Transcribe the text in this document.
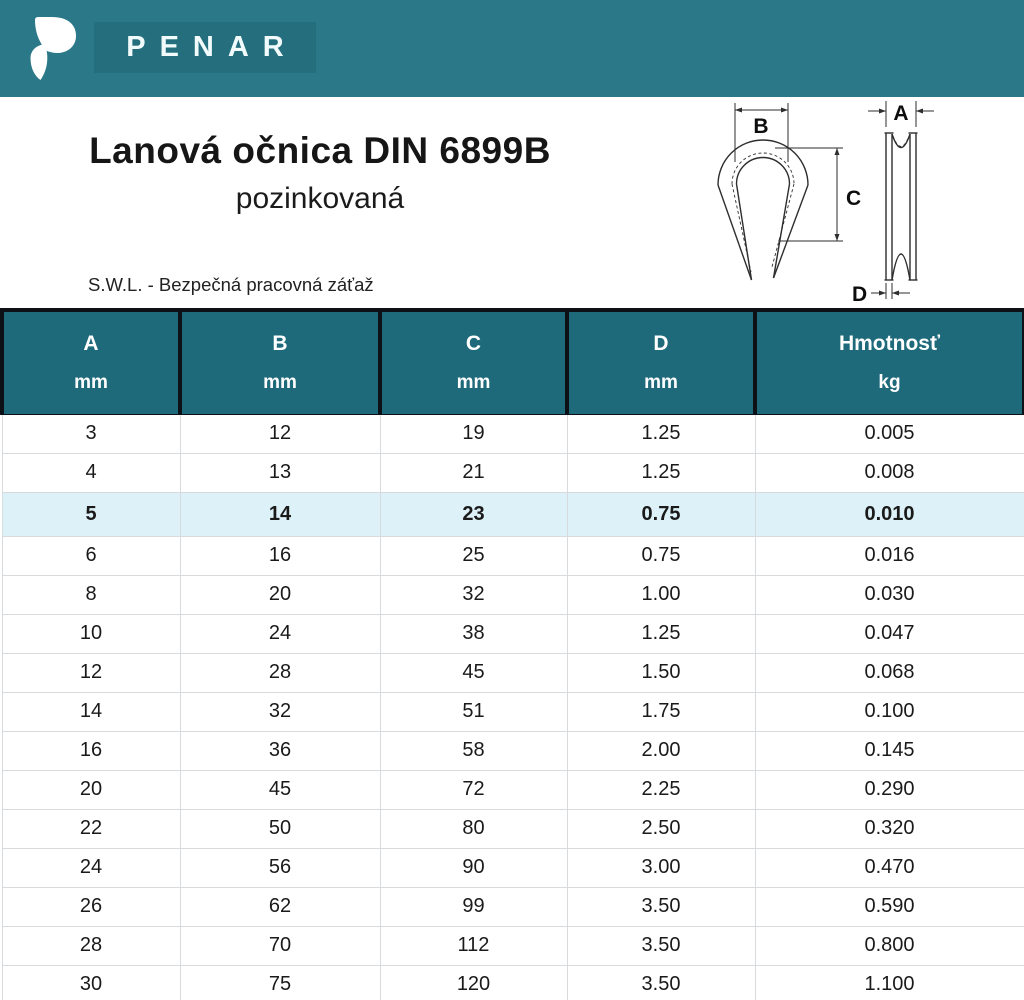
PENAR
Lanová očnica DIN 6899B
pozinkovaná
S.W.L. - Bezpečná pracovná záťaž
B
C
A
D
A
mm

B
mm

C
mm

D
mm

Hmotnosť
kg

3	12	19	1.25	0.005
4	13	21	1.25	0.008
5	14	23	0.75	0.010
6	16	25	0.75	0.016
8	20	32	1.00	0.030
10	24	38	1.25	0.047
12	28	45	1.50	0.068
14	32	51	1.75	0.100
16	36	58	2.00	0.145
20	45	72	2.25	0.290
22	50	80	2.50	0.320
24	56	90	3.00	0.470
26	62	99	3.50	0.590
28	70	112	3.50	0.800
30	75	120	3.50	1.100
